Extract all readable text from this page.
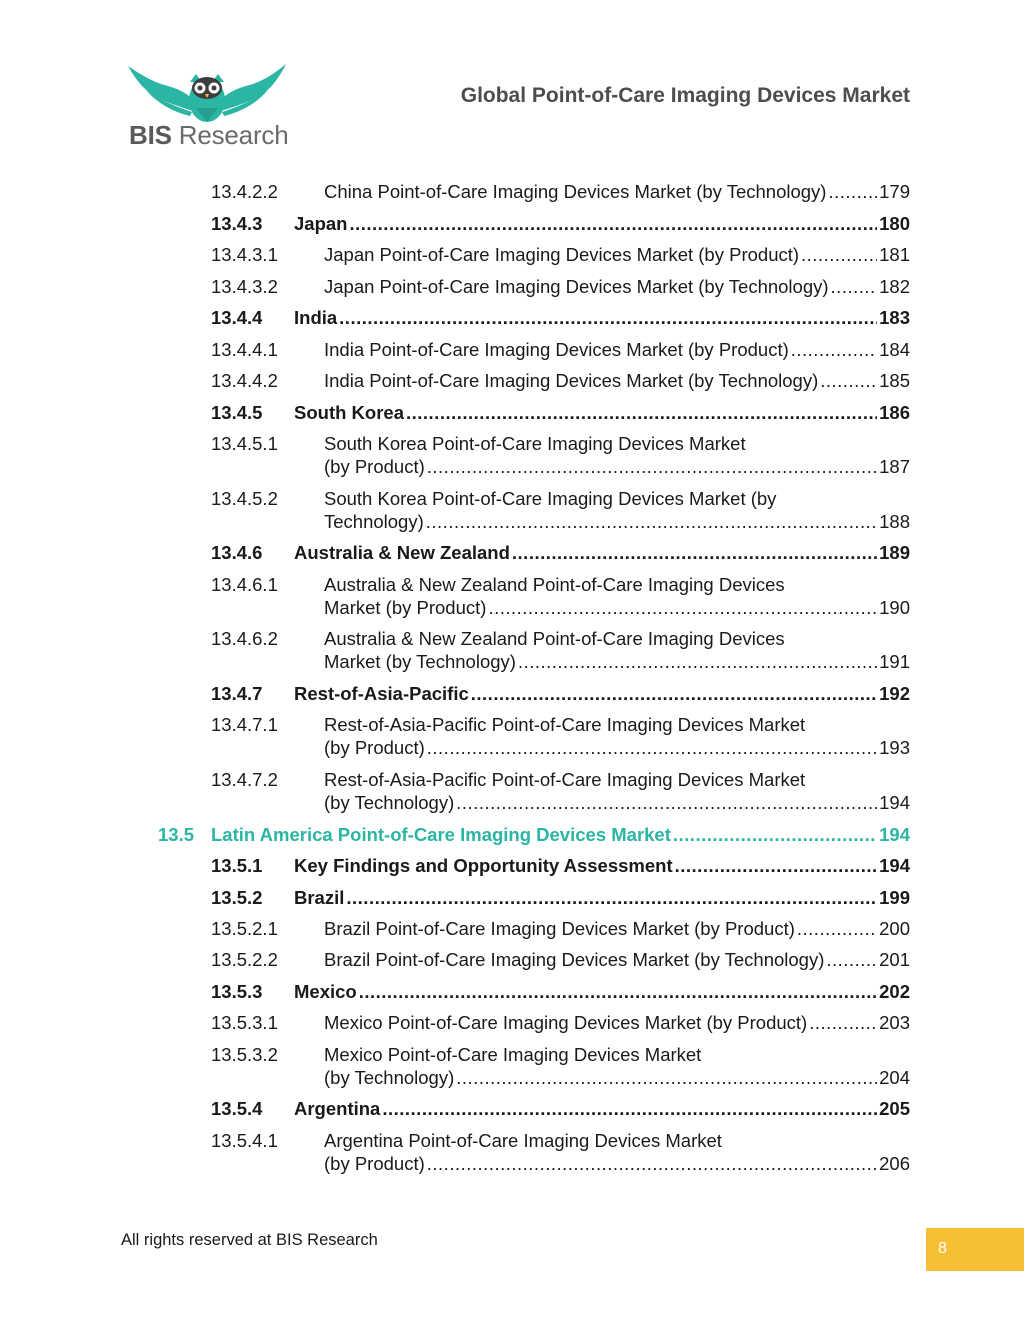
BIS Research
Global Point-of-Care Imaging Devices Market
13.4.2.2 China Point-of-Care Imaging Devices Market (by Technology) .....	179
13.4.3 Japan .....	180
13.4.3.1 Japan Point-of-Care Imaging Devices Market (by Product) .....	181
13.4.3.2 Japan Point-of-Care Imaging Devices Market (by Technology) .....	182
13.4.4 India .....	183
13.4.4.1 India Point-of-Care Imaging Devices Market (by Product) .....	184
13.4.4.2 India Point-of-Care Imaging Devices Market (by Technology) .....	185
13.4.5 South Korea .....	186
13.4.5.1 South Korea Point-of-Care Imaging Devices Market
(by Product) .....	187
13.4.5.2 South Korea Point-of-Care Imaging Devices Market (by
Technology) .....	188
13.4.6 Australia & New Zealand .....	189
13.4.6.1 Australia & New Zealand Point-of-Care Imaging Devices
Market (by Product) .....	190
13.4.6.2 Australia & New Zealand Point-of-Care Imaging Devices
Market (by Technology) .....	191
13.4.7 Rest-of-Asia-Pacific .....	192
13.4.7.1 Rest-of-Asia-Pacific Point-of-Care Imaging Devices Market
(by Product) .....	193
13.4.7.2 Rest-of-Asia-Pacific Point-of-Care Imaging Devices Market
(by Technology) .....	194
13.5 Latin America Point-of-Care Imaging Devices Market .....	194
13.5.1 Key Findings and Opportunity Assessment .....	194
13.5.2 Brazil .....	199
13.5.2.1 Brazil Point-of-Care Imaging Devices Market (by Product) .....	200
13.5.2.2 Brazil Point-of-Care Imaging Devices Market (by Technology) .....	201
13.5.3 Mexico .....	202
13.5.3.1 Mexico Point-of-Care Imaging Devices Market (by Product) .....	203
13.5.3.2 Mexico Point-of-Care Imaging Devices Market
(by Technology) .....	204
13.5.4 Argentina .....	205
13.5.4.1 Argentina Point-of-Care Imaging Devices Market
(by Product) .....	206
All rights reserved at BIS Research	8
